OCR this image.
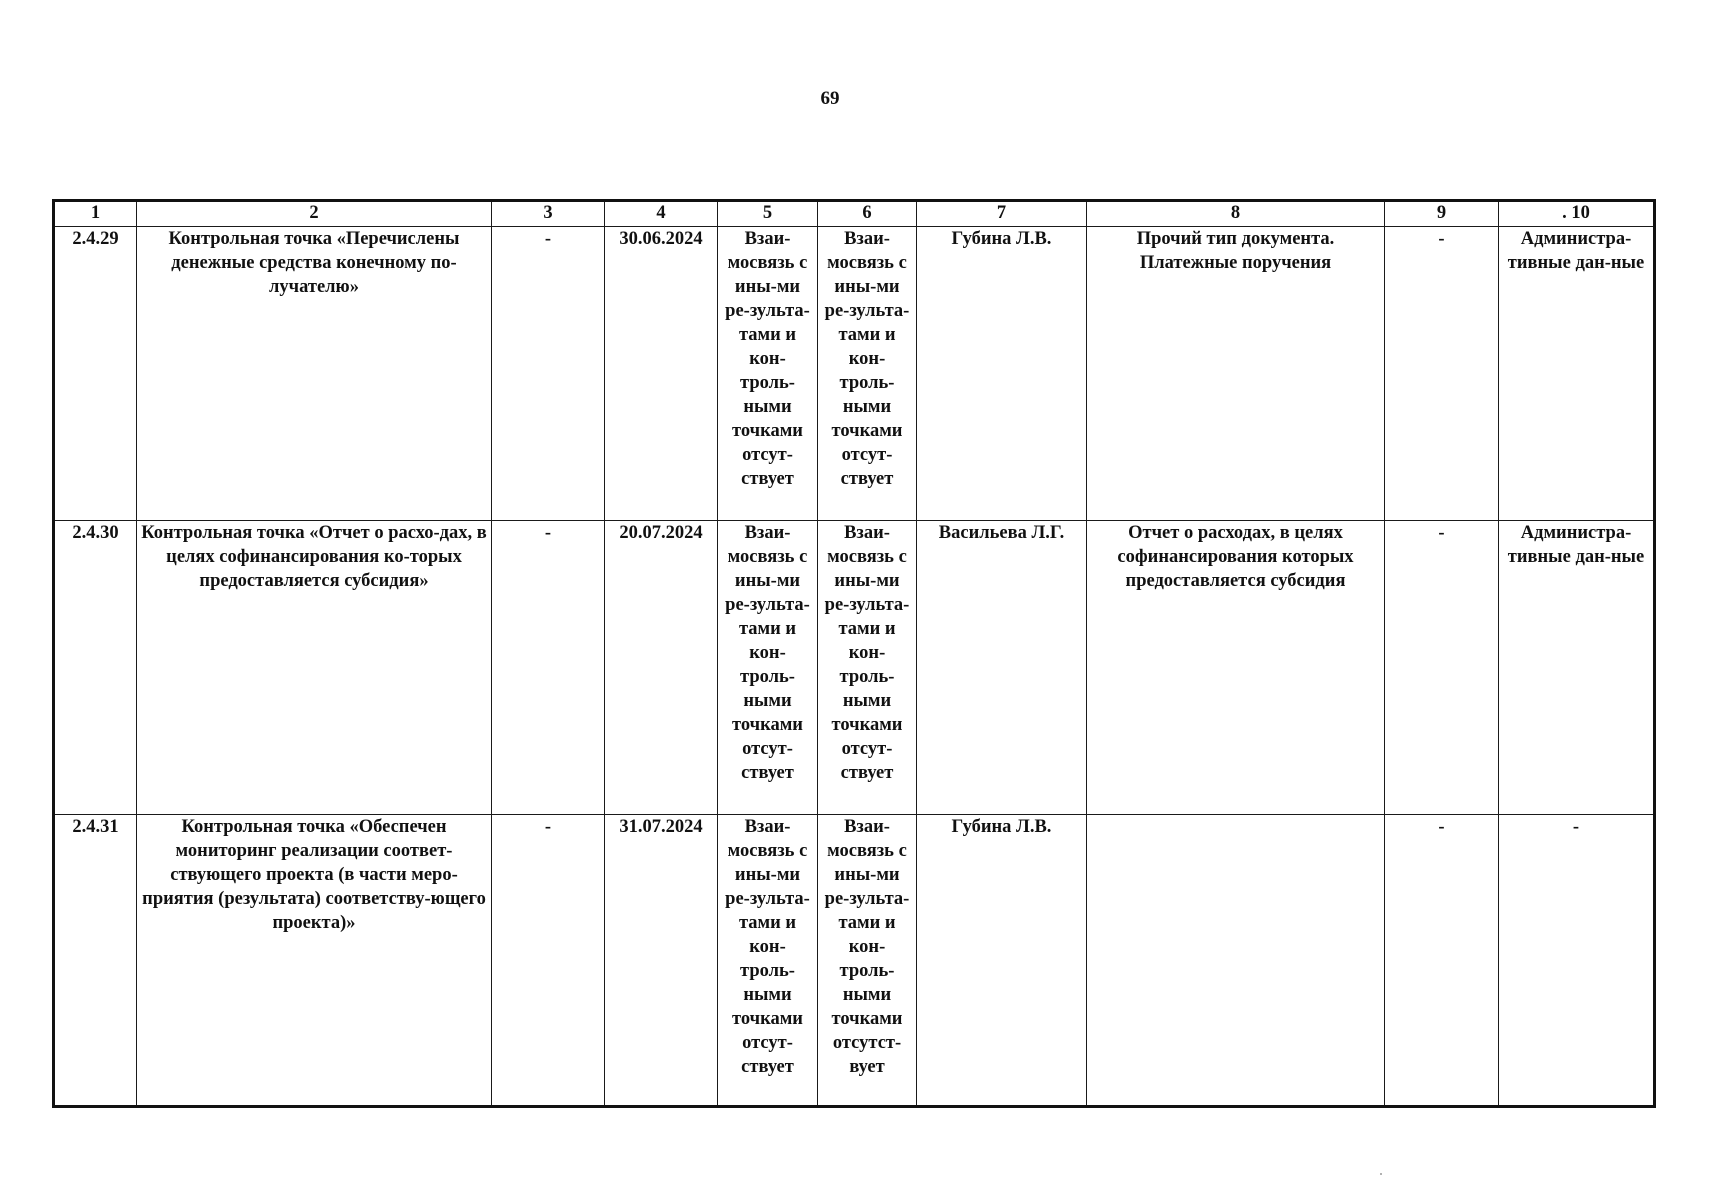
69
1	2	3	4	5	6	7	8	9	. 10
2.4.29	Контрольная точка «Перечислены денежные средства конечному по-лучателю»	-	30.06.2024	Взаи-мосвязь с ины-ми ре-зульта-тами и кон-троль-ными точками отсут-ствует	Взаи-мосвязь с ины-ми ре-зульта-тами и кон-троль-ными точками отсут-ствует	Губина Л.В.	Прочий тип документа. Платежные поручения	-	Администра-тивные дан-ные
2.4.30	Контрольная точка «Отчет о расхо-дах, в целях софинансирования ко-торых предоставляется субсидия»	-	20.07.2024	Взаи-мосвязь с ины-ми ре-зульта-тами и кон-троль-ными точками отсут-ствует	Взаи-мосвязь с ины-ми ре-зульта-тами и кон-троль-ными точками отсут-ствует	Васильева Л.Г.	Отчет о расходах, в целях софинансирования которых предоставляется субсидия	-	Администра-тивные дан-ные
2.4.31	Контрольная точка «Обеспечен мониторинг реализации соответ-ствующего проекта (в части меро-приятия (результата) соответству-ющего проекта)»	-	31.07.2024	Взаи-мосвязь с ины-ми ре-зульта-тами и кон-троль-ными точками отсут-ствует	Взаи-мосвязь с ины-ми ре-зульта-тами и кон-троль-ными точками отсутст-вует	Губина Л.В.		-	-
